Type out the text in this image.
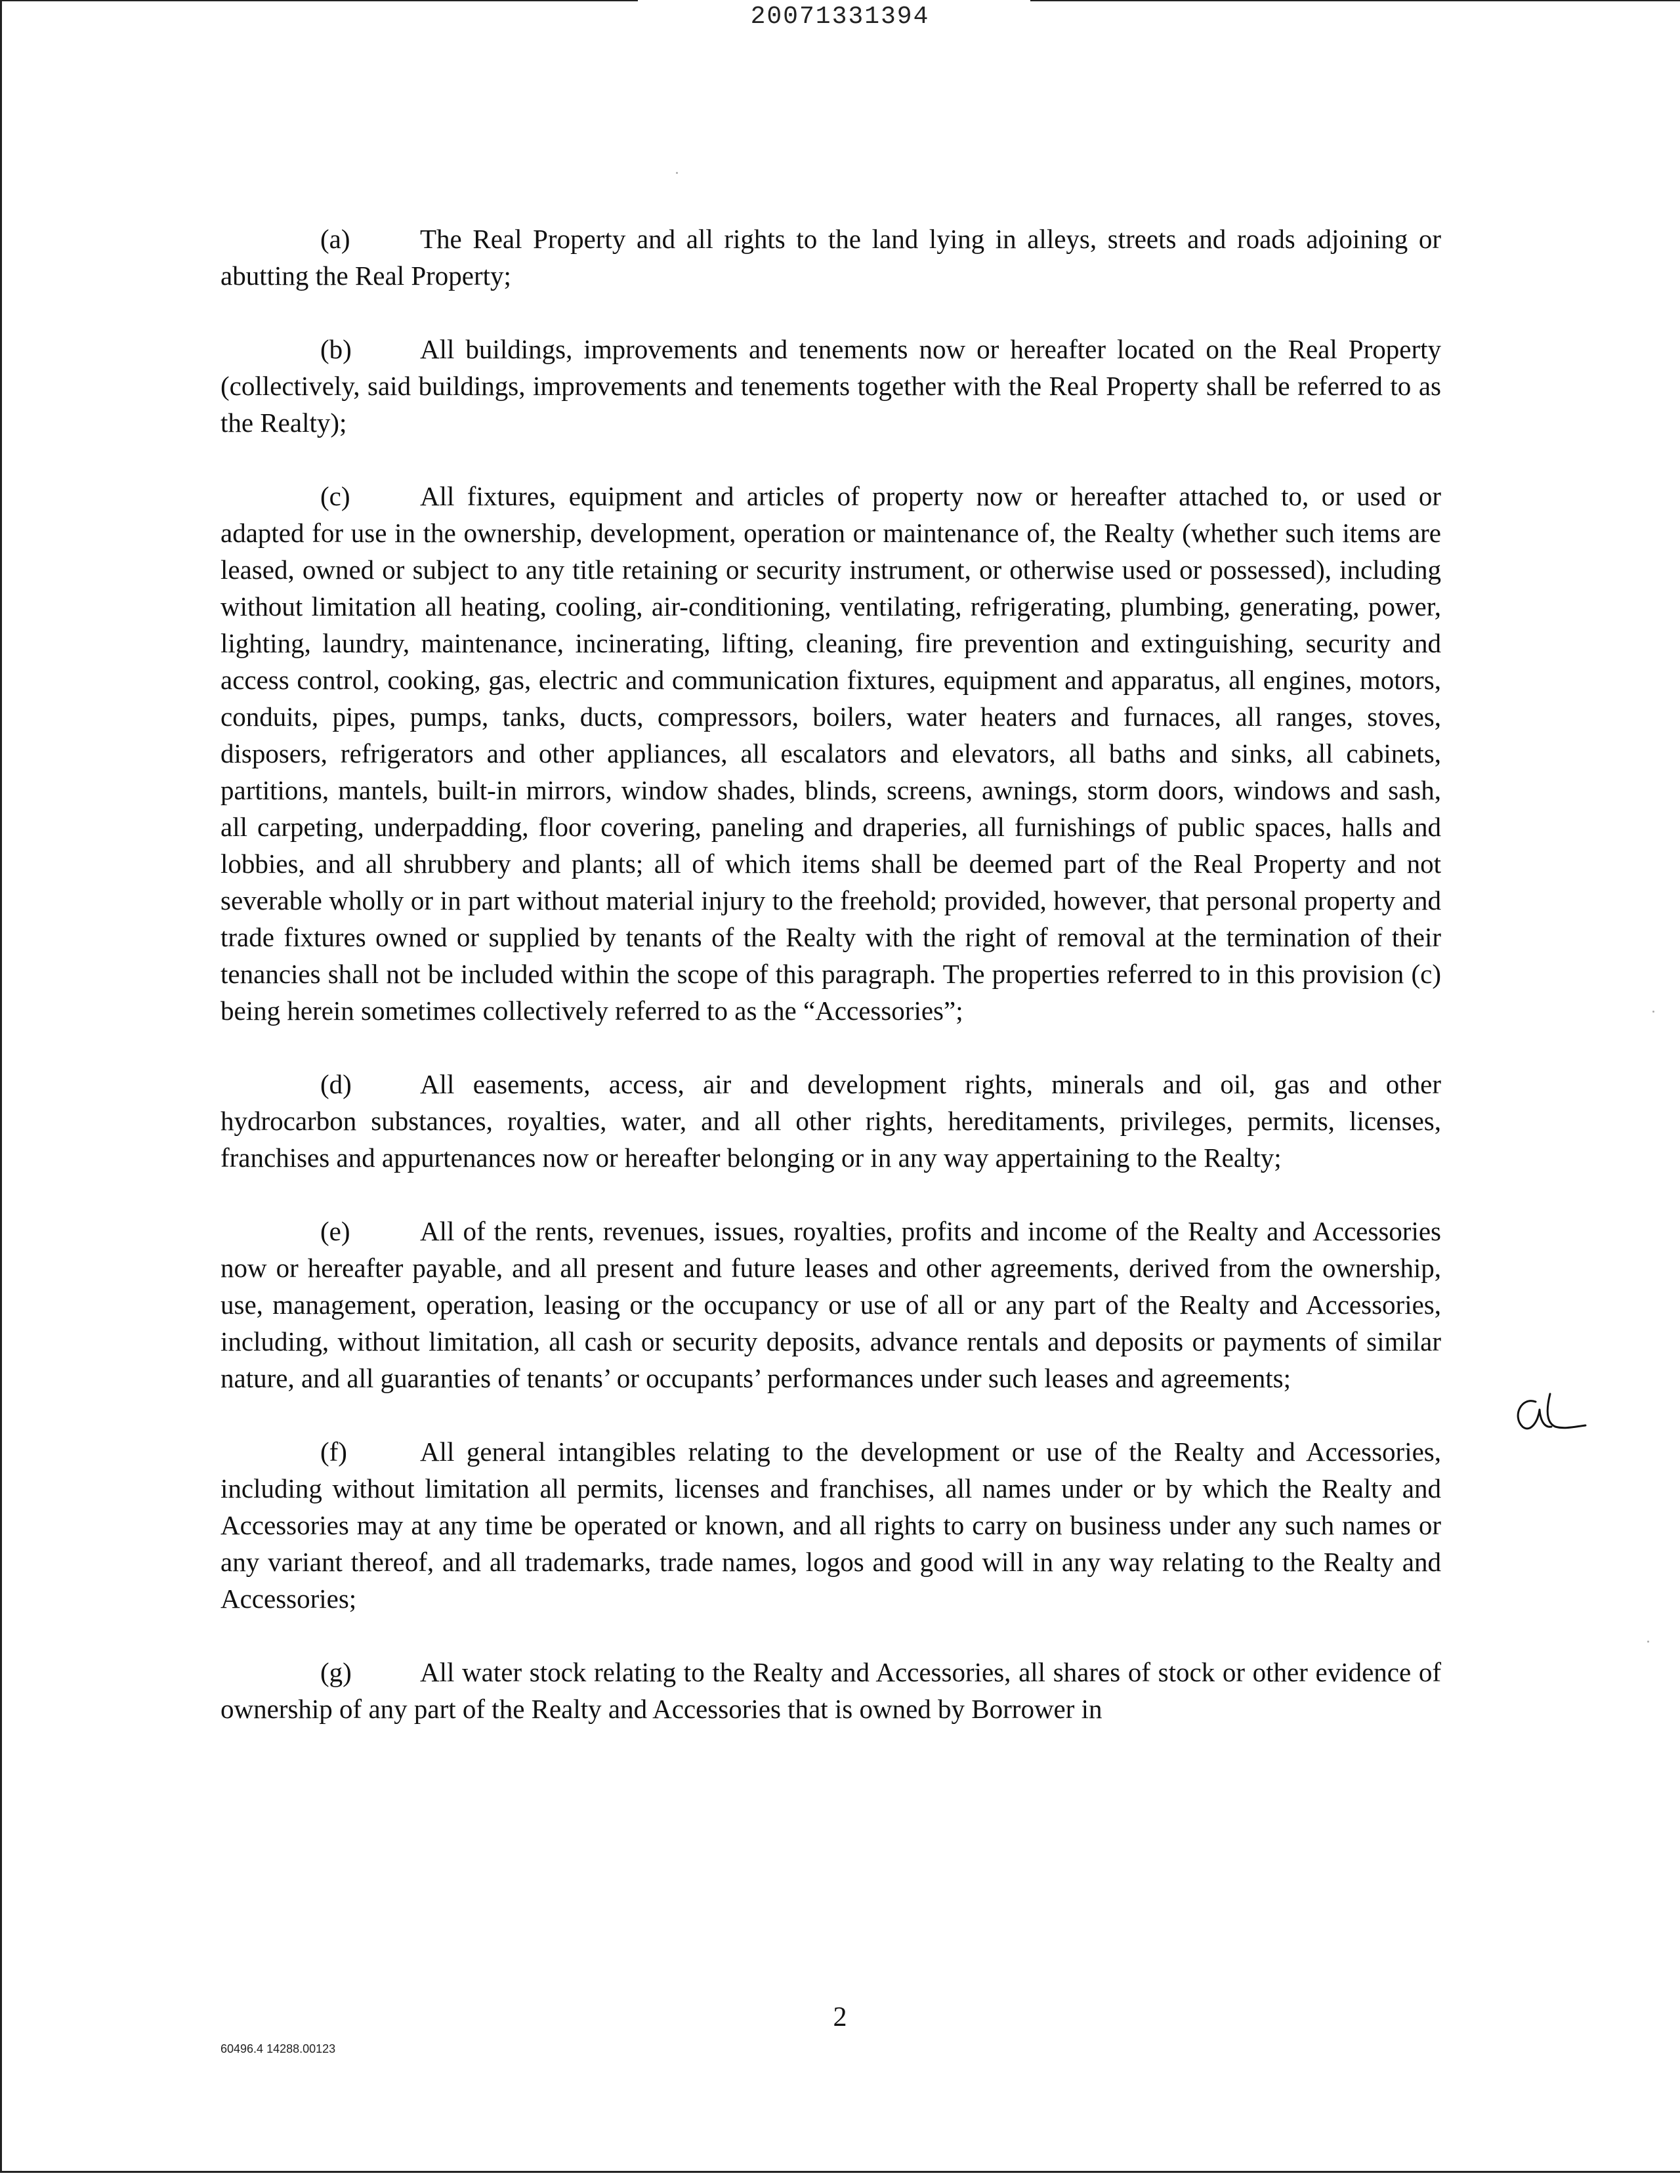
20071331394

(a)	The Real Property and all rights to the land lying in alleys, streets and roads adjoining or abutting the Real Property;

(b)	All buildings, improvements and tenements now or hereafter located on the Real Property (collectively, said buildings, improvements and tenements together with the Real Property shall be referred to as the Realty);

(c)	All fixtures, equipment and articles of property now or hereafter attached to, or used or adapted for use in the ownership, development, operation or maintenance of, the Realty (whether such items are leased, owned or subject to any title retaining or security instrument, or otherwise used or possessed), including without limitation all heating, cooling, air-conditioning, ventilating, refrigerating, plumbing, generating, power, lighting, laundry, maintenance, incinerating, lifting, cleaning, fire prevention and extinguishing, security and access control, cooking, gas, electric and communication fixtures, equipment and apparatus, all engines, motors, conduits, pipes, pumps, tanks, ducts, compressors, boilers, water heaters and furnaces, all ranges, stoves, disposers, refrigerators and other appliances, all escalators and elevators, all baths and sinks, all cabinets, partitions, mantels, built-in mirrors, window shades, blinds, screens, awnings, storm doors, windows and sash, all carpeting, underpadding, floor covering, paneling and draperies, all furnishings of public spaces, halls and lobbies, and all shrubbery and plants; all of which items shall be deemed part of the Real Property and not severable wholly or in part without material injury to the freehold; provided, however, that personal property and trade fixtures owned or supplied by tenants of the Realty with the right of removal at the termination of their tenancies shall not be included within the scope of this paragraph. The properties referred to in this provision (c) being herein sometimes collectively referred to as the “Accessories”;

(d)	All easements, access, air and development rights, minerals and oil, gas and other hydrocarbon substances, royalties, water, and all other rights, hereditaments, privileges, permits, licenses, franchises and appurtenances now or hereafter belonging or in any way appertaining to the Realty;

(e)	All of the rents, revenues, issues, royalties, profits and income of the Realty and Accessories now or hereafter payable, and all present and future leases and other agreements, derived from the ownership, use, management, operation, leasing or the occupancy or use of all or any part of the Realty and Accessories, including, without limitation, all cash or security deposits, advance rentals and deposits or payments of similar nature, and all guaranties of tenants’ or occupants’ performances under such leases and agreements;

(f)	All general intangibles relating to the development or use of the Realty and Accessories, including without limitation all permits, licenses and franchises, all names under or by which the Realty and Accessories may at any time be operated or known, and all rights to carry on business under any such names or any variant thereof, and all trademarks, trade names, logos and good will in any way relating to the Realty and Accessories;

(g)	All water stock relating to the Realty and Accessories, all shares of stock or other evidence of ownership of any part of the Realty and Accessories that is owned by Borrower in

2
60496.4 14288.00123
